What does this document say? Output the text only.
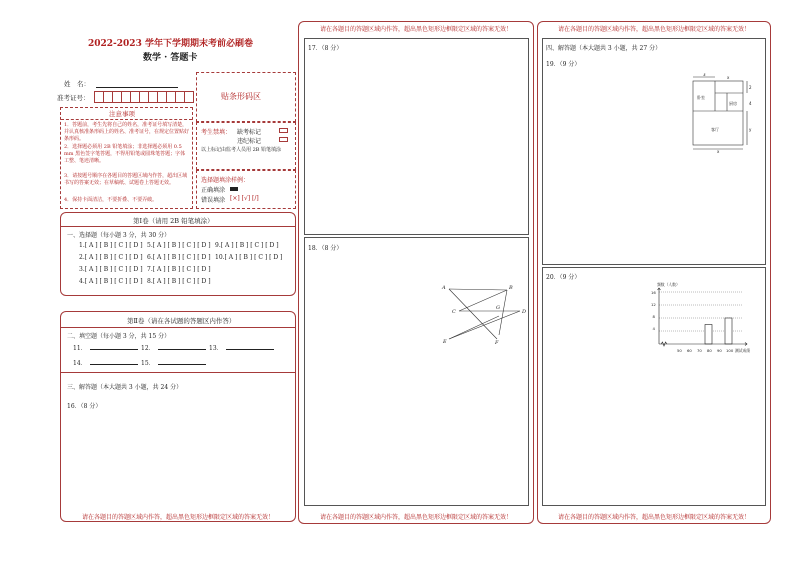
2022-2023 学年下学期期末考前必刷卷
数学 · 答题卡
姓　名：
准考证号：	贴条形码区
注意事项
1．答题前，考生先将自己的姓名，准考证号填写清楚，并认真核准条形码上的姓名、准考证号，在规定位置贴好条形码。
2．选择题必须用 2B 铅笔填涂；非选择题必须用 0.5 mm 黑色签字笔答题，不得用铅笔或圆珠笔答题；字体工整、笔迹清晰。
3．请按题号顺序在各题目的答题区域内作答，超出区域书写的答案无效；在草稿纸、试题卷上答题无效。
4．保持卡面清洁，不要折叠、不要弄破。
考生禁填： 缺考标记
违纪标记
以上标记由监考人员用 2B 铅笔填涂
选择题填涂样例：
正确填涂
错误填涂 [×] [√] [/]
第Ⅰ卷（请用 2B 铅笔填涂）
一、选择题（每小题 3 分，共 30 分）
1.[ A ] [ B ] [ C ] [ D ] 5.[ A ] [ B ] [ C ] [ D ] 9.[ A ] [ B ] [ C ] [ D ]
2.[ A ] [ B ] [ C ] [ D ] 6.[ A ] [ B ] [ C ] [ D ] 10.[ A ] [ B ] [ C ] [ D ]
3.[ A ] [ B ] [ C ] [ D ] 7.[ A ] [ B ] [ C ] [ D ]
4.[ A ] [ B ] [ C ] [ D ] 8.[ A ] [ B ] [ C ] [ D ]
第Ⅱ卷（请在各试题的答题区内作答）
二、填空题（每小题 3 分，共 15 分）
11．	12．	13．
14．	15．
三、解答题（本大题共 3 小题，共 24 分）
16．（8 分）
请在各题目的答题区域内作答，超出黑色矩形边框限定区域的答案无效！
请在各题目的答题区域内作答，超出黑色矩形边框限定区域的答案无效！
17．（8 分）
18．（8 分）
A	B
C
G
D
E	F
请在各题目的答题区域内作答，超出黑色矩形边框限定区域的答案无效！
请在各题目的答题区域内作答，超出黑色矩形边框限定区域的答案无效！
四、解答题（本大题共 3 小题，共 27 分）
19．（9 分）
卧室
厨房
客厅
3
x
2
4
y
x
20．（9 分）
频数（人数）
测试成绩
16
12
8
4
50 60 70 80 90 100
请在各题目的答题区域内作答，超出黑色矩形边框限定区域的答案无效！
